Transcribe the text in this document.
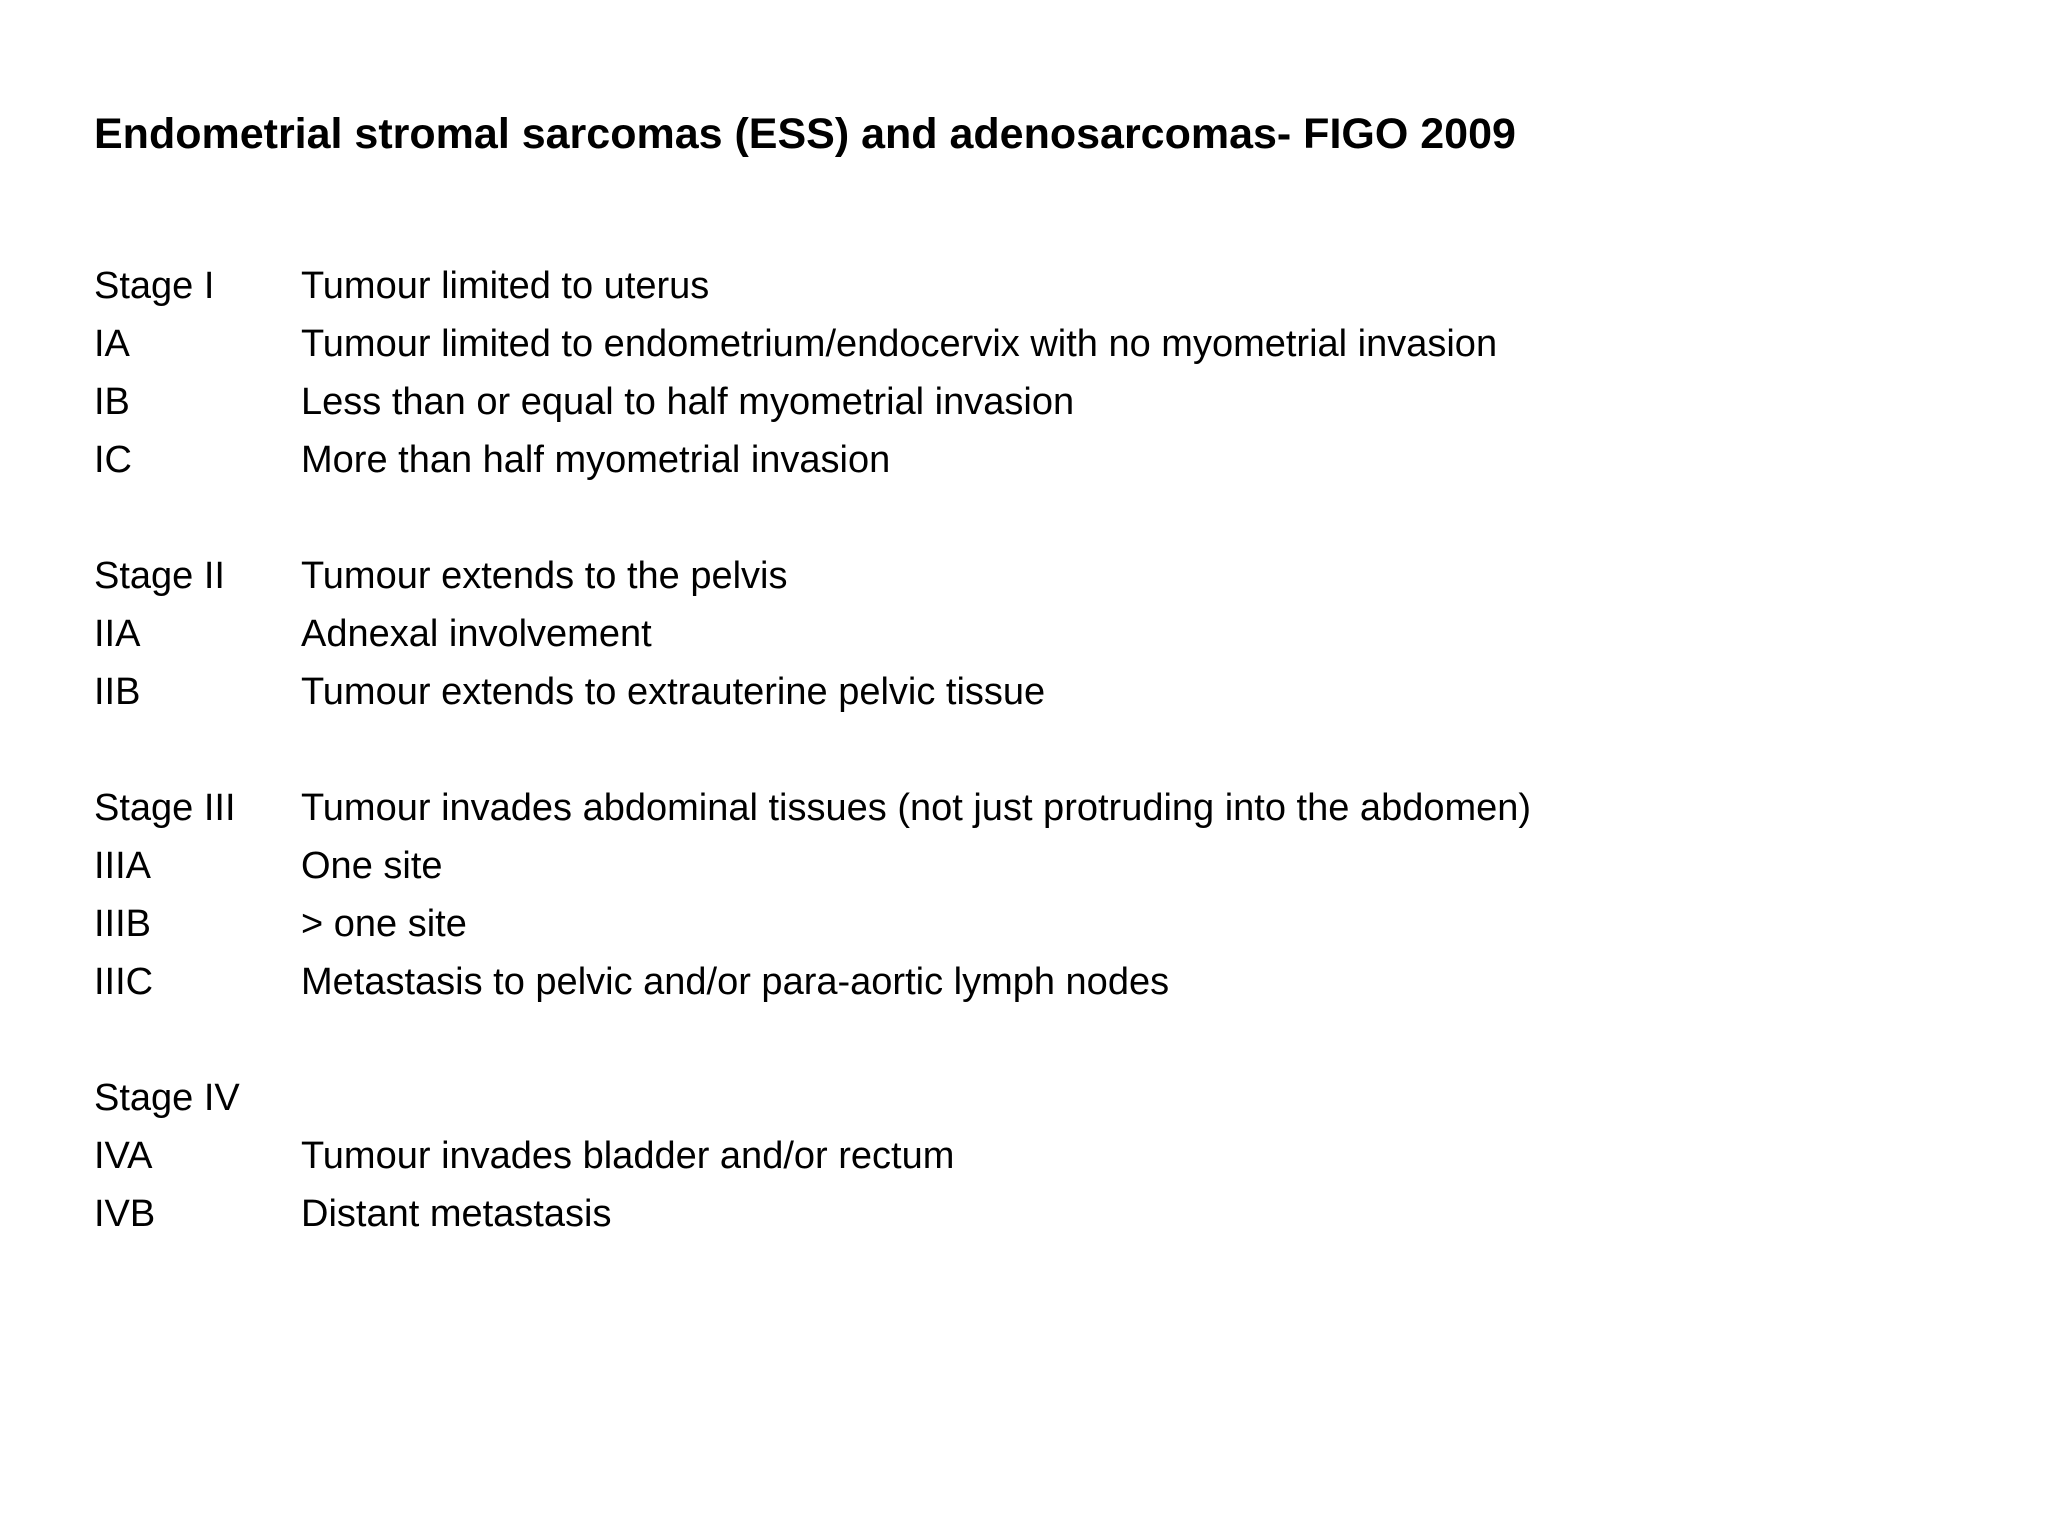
Endometrial stromal sarcomas (ESS) and adenosarcomas- FIGO 2009
Stage I	Tumour limited to uterus
IA	Tumour limited to endometrium/endocervix with no myometrial invasion
IB	Less than or equal to half myometrial invasion
IC	More than half myometrial invasion
Stage II	Tumour extends to the pelvis
IIA	Adnexal involvement
IIB	Tumour extends to extrauterine pelvic tissue
Stage III	Tumour invades abdominal tissues (not just protruding into the abdomen)
IIIA	One site
IIIB	> one site
IIIC	Metastasis to pelvic and/or para-aortic lymph nodes
Stage IV
IVA	Tumour invades bladder and/or rectum
IVB	Distant metastasis
